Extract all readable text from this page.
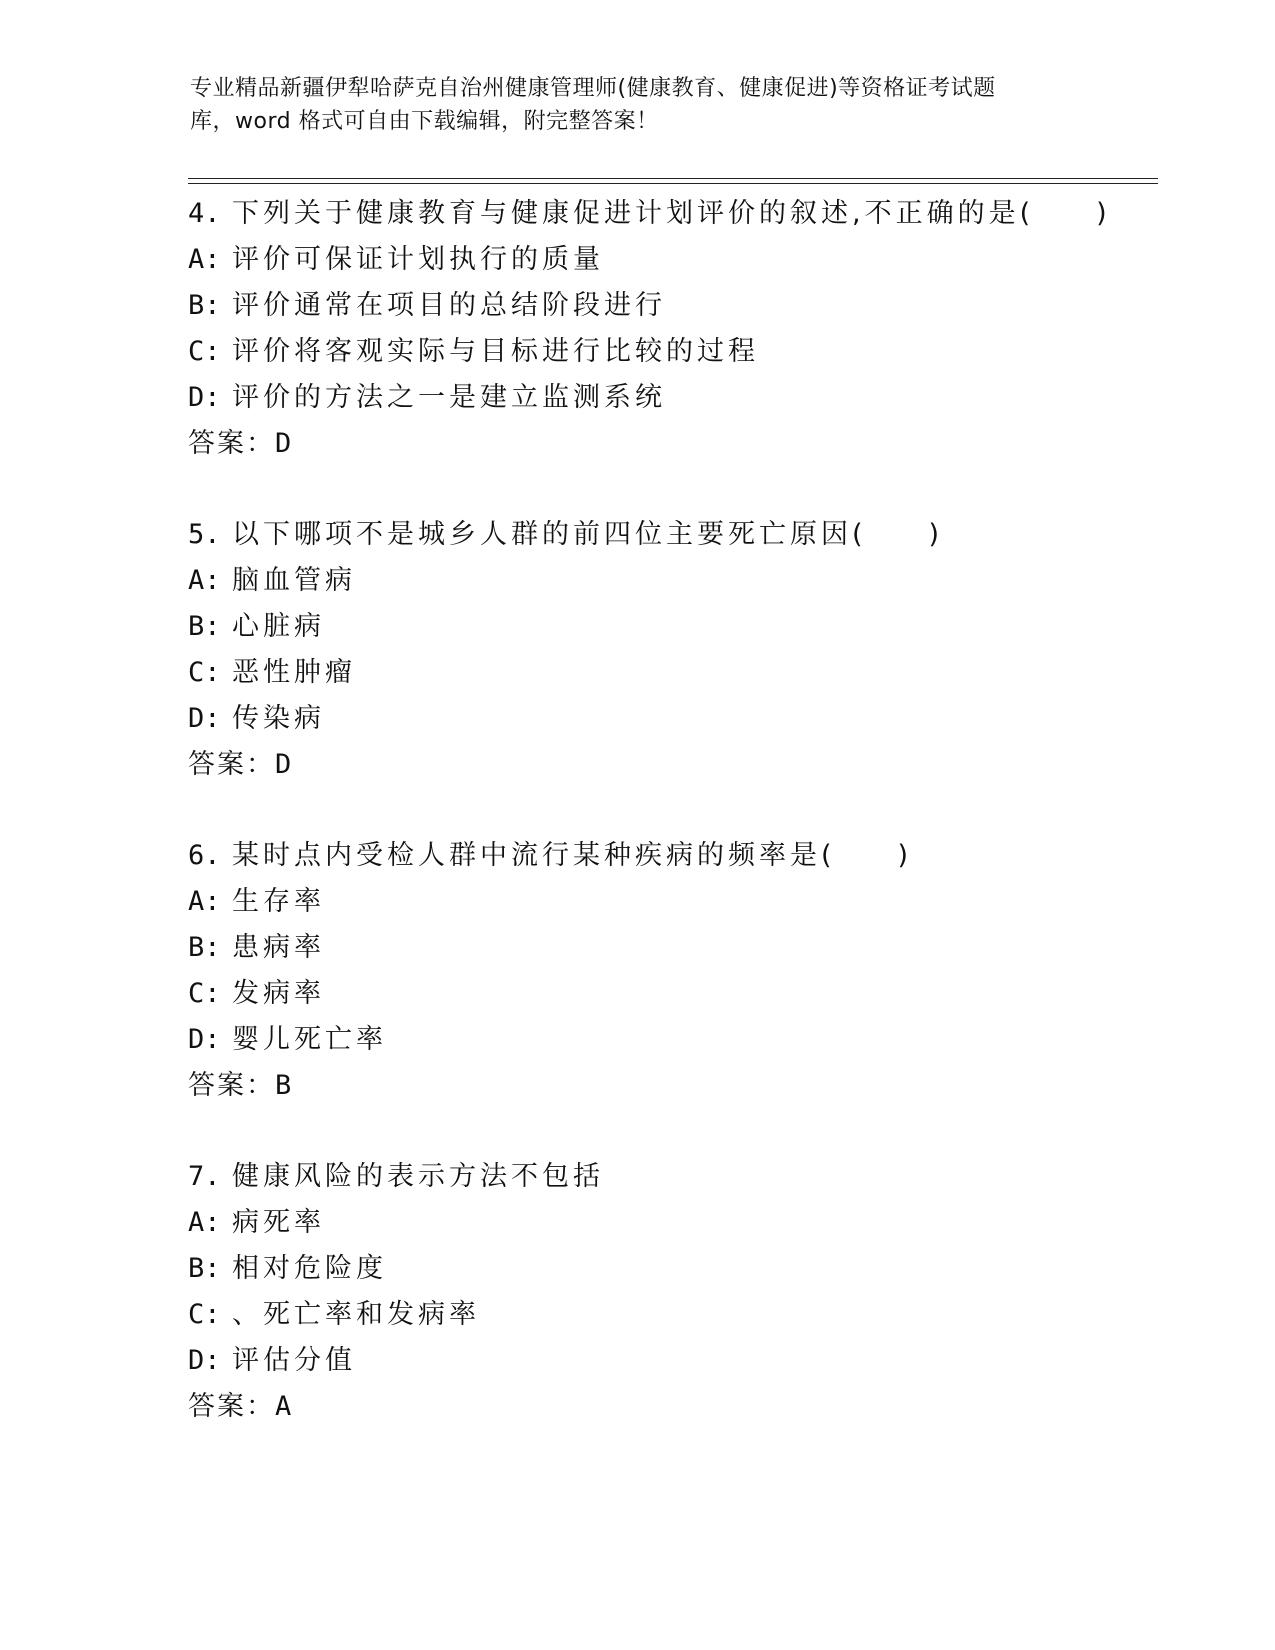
专业精品新疆伊犁哈萨克自治州健康管理师(健康教育、健康促进)等资格证考试题
库，word 格式可自由下载编辑，附完整答案！
4. 下列关于健康教育与健康促进计划评价的叙述,不正确的是(　　)
A: 评价可保证计划执行的质量
B: 评价通常在项目的总结阶段进行
C: 评价将客观实际与目标进行比较的过程
D: 评价的方法之一是建立监测系统
答案：D
5. 以下哪项不是城乡人群的前四位主要死亡原因(　　)
A: 脑血管病
B: 心脏病
C: 恶性肿瘤
D: 传染病
答案：D
6. 某时点内受检人群中流行某种疾病的频率是(　　)
A: 生存率
B: 患病率
C: 发病率
D: 婴儿死亡率
答案：B
7. 健康风险的表示方法不包括
A: 病死率
B: 相对危险度
C: 、死亡率和发病率
D: 评估分值
答案：A
